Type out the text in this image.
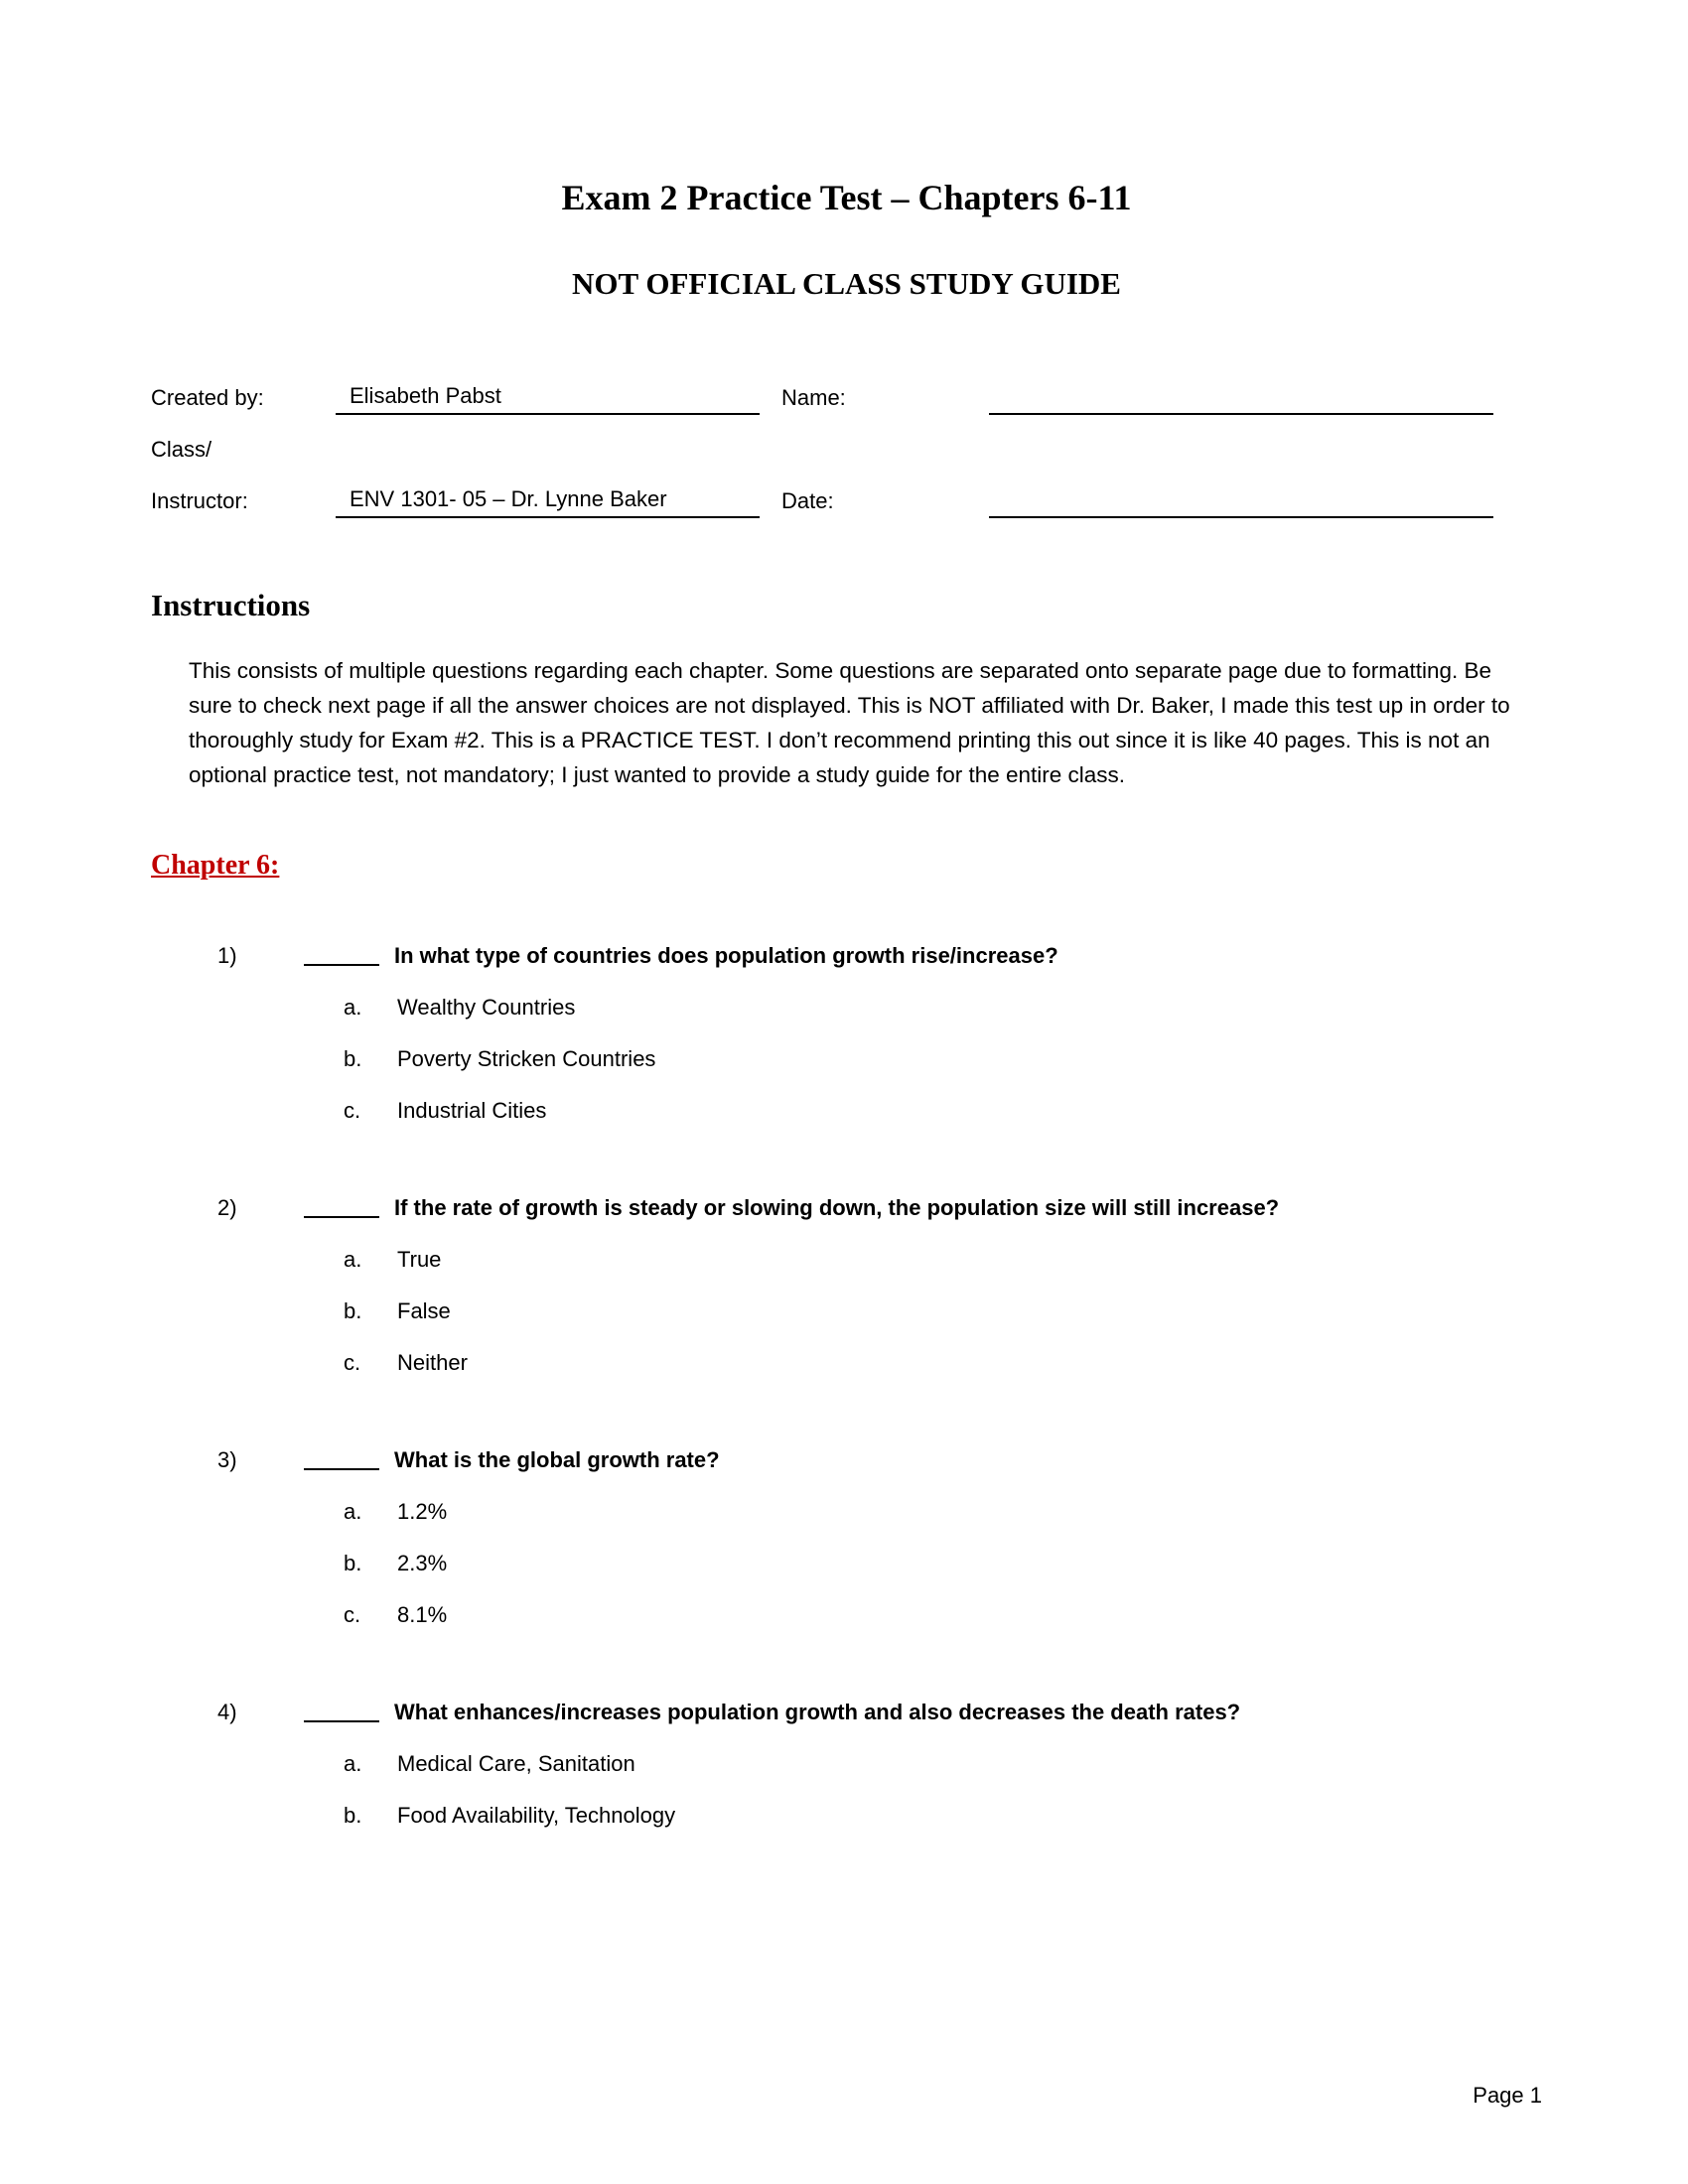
Exam 2 Practice Test – Chapters 6-11
NOT OFFICIAL CLASS STUDY GUIDE
Created by:	Elisabeth Pabst	Name:
Class/
Instructor:	ENV 1301- 05 – Dr. Lynne Baker	Date:
Instructions

This consists of multiple questions regarding each chapter. Some questions are separated onto separate page due to formatting. Be sure to check next page if all the answer choices are not displayed. This is NOT affiliated with Dr. Baker, I made this test up in order to thoroughly study for Exam #2. This is a PRACTICE TEST. I don’t recommend printing this out since it is like 40 pages. This is not an optional practice test, not mandatory; I just wanted to provide a study guide for the entire class.

Chapter 6:
1)	In what type of countries does population growth rise/increase?
a.	Wealthy Countries
b.	Poverty Stricken Countries
c.	Industrial Cities
2)	If the rate of growth is steady or slowing down, the population size will still increase?
a.	True
b.	False
c.	Neither
3)	What is the global growth rate?
a.	1.2%
b.	2.3%
c.	8.1%
4)	What enhances/increases population growth and also decreases the death rates?
a.	Medical Care, Sanitation
b.	Food Availability, Technology
Page 1
